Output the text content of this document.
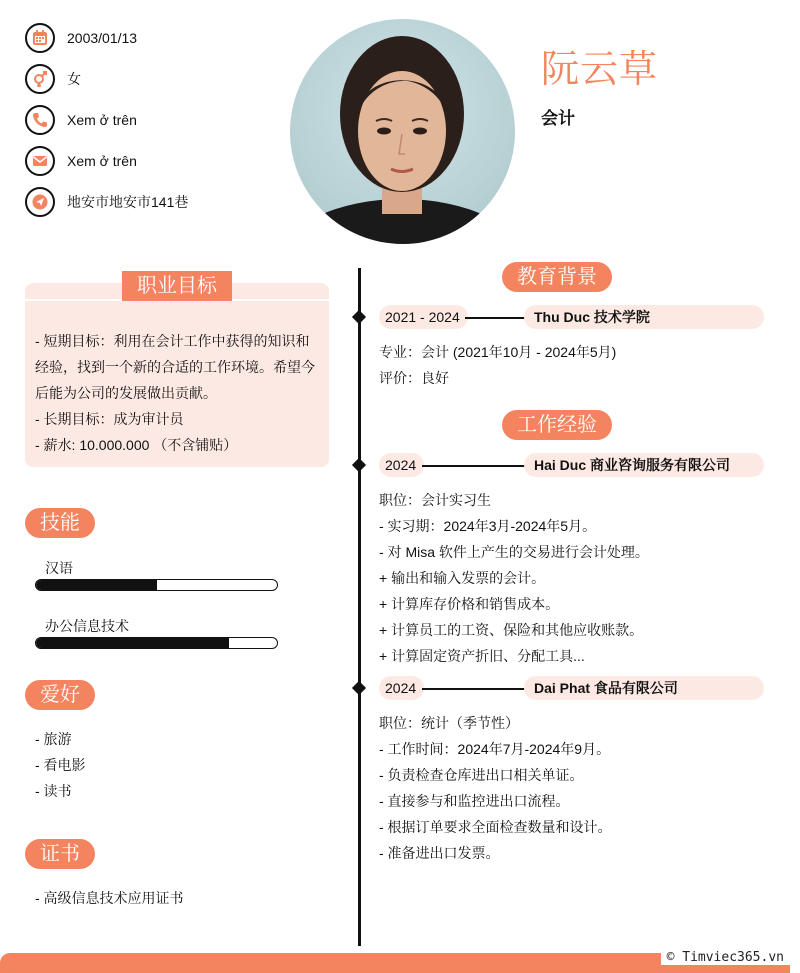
2003/01/13
女
Xem ở trên
Xem ở trên
地安市地安市141巷
阮云草
会计
职业目标
- 短期目标：利用在会计工作中获得的知识和
经验，找到一个新的合适的工作环境。希望今
后能为公司的发展做出贡献。
- 长期目标：成为审计员
- 薪水: 10.000.000 （不含铺贴）
技能
汉语
办公信息技术
爱好
- 旅游
- 看电影
- 读书
证书
- 高级信息技术应用证书
教育背景
2021 - 2024	Thu Duc 技术学院
专业：会计 (2021年10月 - 2024年5月)
评价：良好
工作经验
2024	Hai Duc 商业咨询服务有限公司
职位：会计实习生
- 实习期：2024年3月-2024年5月。
- 对 Misa 软件上产生的交易进行会计处理。
+ 输出和输入发票的会计。
+ 计算库存价格和销售成本。
+ 计算员工的工资、保险和其他应收账款。
+ 计算固定资产折旧、分配工具...
2024	Dai Phat 食品有限公司
职位：统计（季节性）
- 工作时间：2024年7月-2024年9月。
- 负责检查仓库进出口相关单证。
- 直接参与和监控进出口流程。
- 根据订单要求全面检查数量和设计。
- 准备进出口发票。
© Timviec365.vn
